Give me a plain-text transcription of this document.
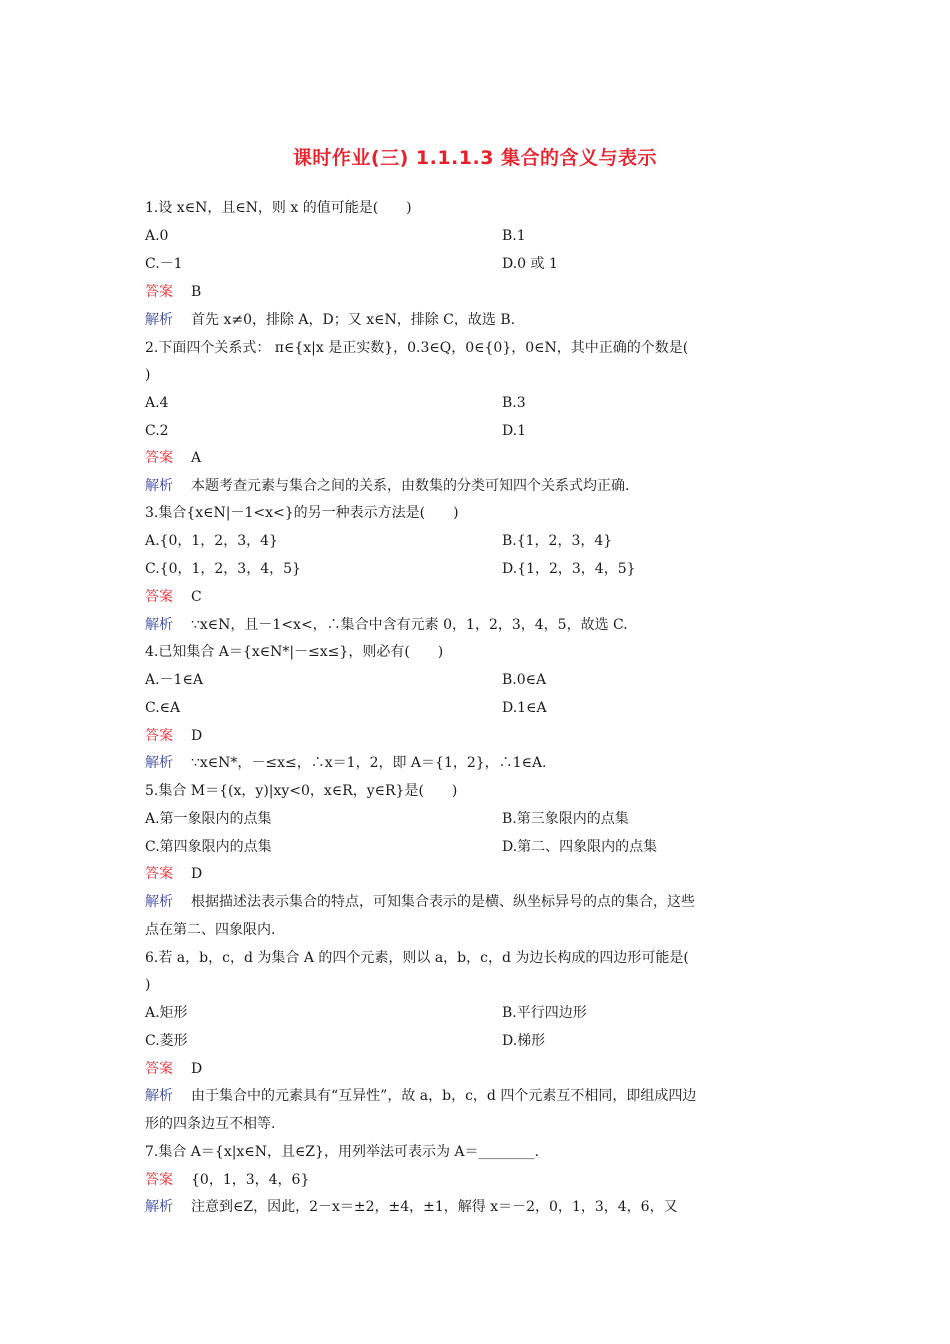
课时作业(三) 1.1.1.3 集合的含义与表示
1.设 x∈N，且∈N，则 x 的值可能是(　　)
A.0	B.1
C.－1	D.0 或 1
答案 B
解析 首先 x≠0，排除 A，D；又 x∈N，排除 C，故选 B.
2.下面四个关系式： π∈{x|x 是正实数}，0.3∈Q，0∈{0}，0∈N，其中正确的个数是(
)
A.4	B.3
C.2	D.1
答案 A
解析 本题考查元素与集合之间的关系，由数集的分类可知四个关系式均正确.
3.集合{x∈N|－1<x<}的另一种表示方法是(　　)
A.{0，1，2，3，4}	B.{1，2，3，4}
C.{0，1，2，3，4，5}	D.{1，2，3，4，5}
答案 C
解析 ∵x∈N，且－1<x<，∴集合中含有元素 0，1，2，3，4，5，故选 C.
4.已知集合 A＝{x∈N*|－≤x≤}，则必有(　　)
A.－1∈A	B.0∈A
C.∈A	D.1∈A
答案 D
解析 ∵x∈N*，－≤x≤，∴x＝1，2，即 A＝{1，2}，∴1∈A.
5.集合 M＝{(x，y)|xy<0，x∈R，y∈R}是(　　)
A.第一象限内的点集	B.第三象限内的点集
C.第四象限内的点集	D.第二、四象限内的点集
答案 D
解析 根据描述法表示集合的特点，可知集合表示的是横、纵坐标异号的点的集合，这些
点在第二、四象限内.
6.若 a，b，c，d 为集合 A 的四个元素，则以 a，b，c，d 为边长构成的四边形可能是(
)
A.矩形	B.平行四边形
C.菱形	D.梯形
答案 D
解析 由于集合中的元素具有“互异性”，故 a，b，c，d 四个元素互不相同，即组成四边
形的四条边互不相等.
7.集合 A＝{x|x∈N，且∈Z}，用列举法可表示为 A＝________.
答案 {0，1，3，4，6}
解析 注意到∈Z，因此，2－x＝±2，±4，±1，解得 x＝－2，0，1，3，4，6，又
